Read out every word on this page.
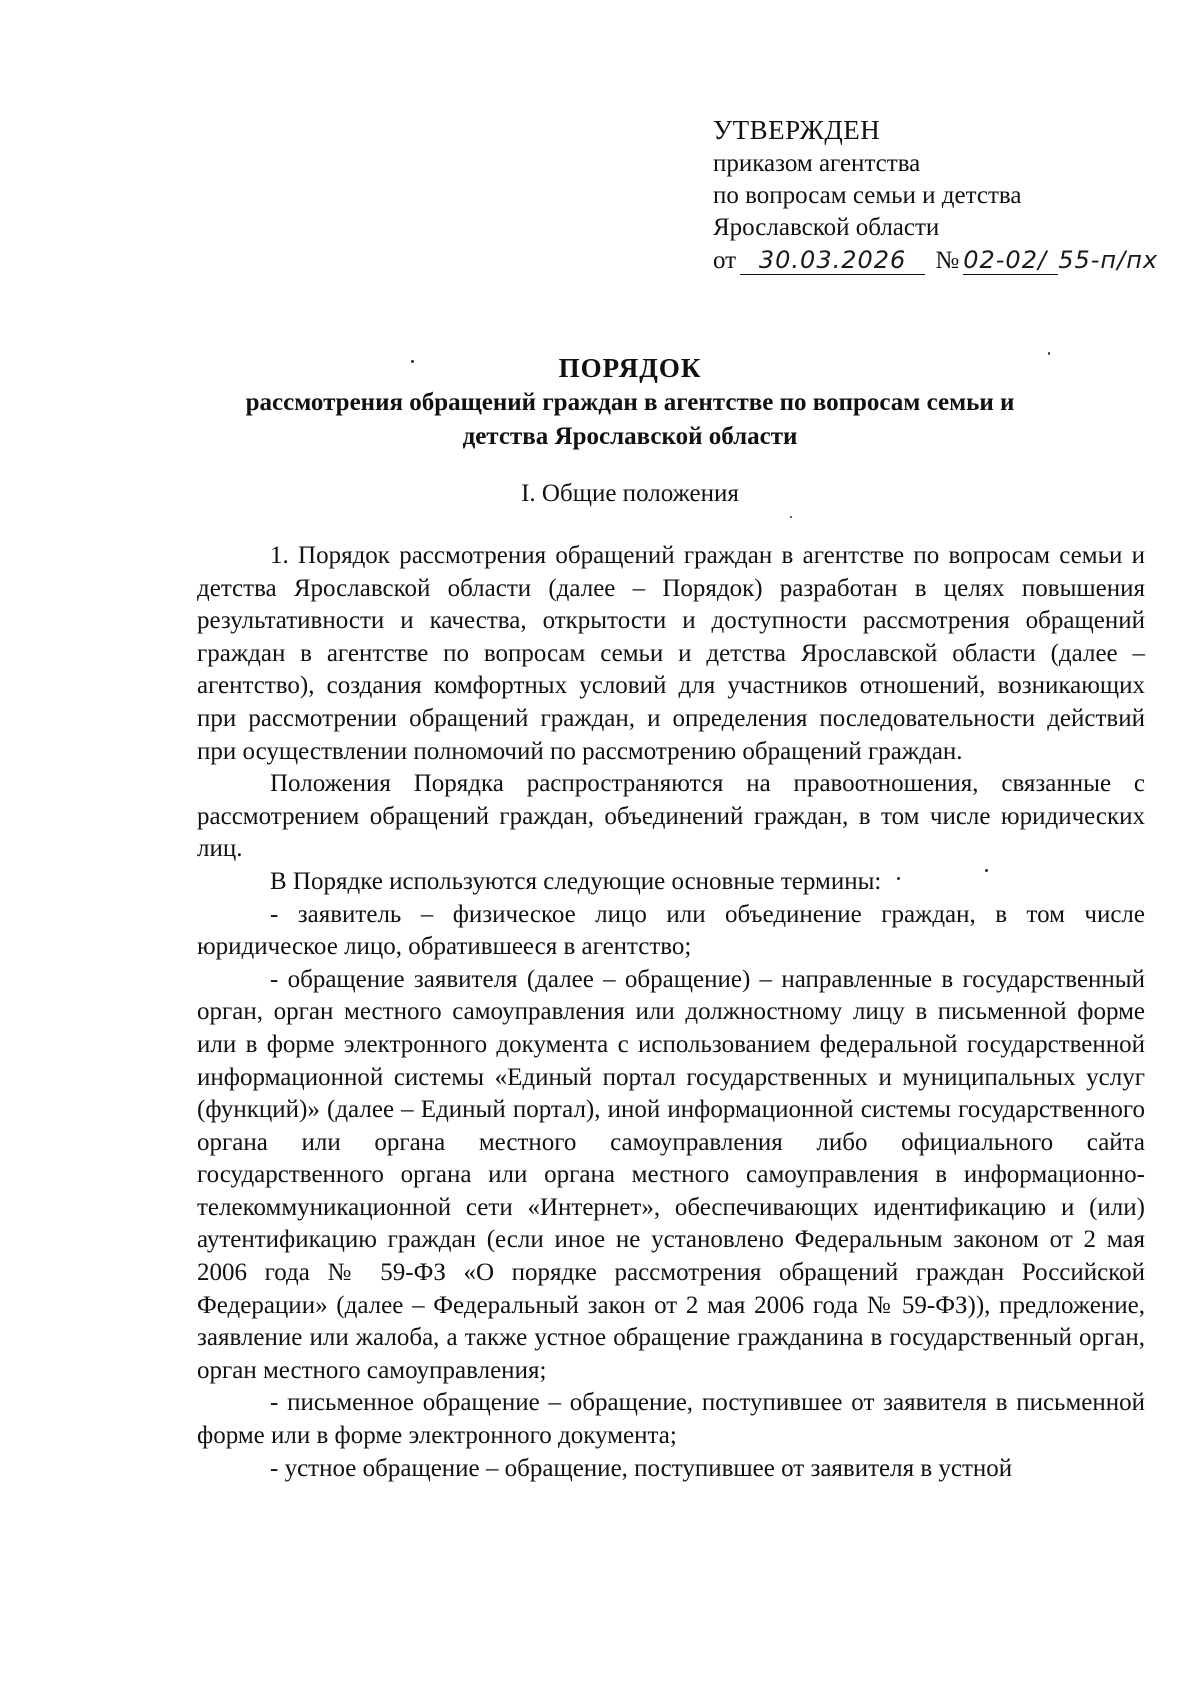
УТВЕРЖДЕН
приказом агентства
по вопросам семьи и детства
Ярославской области
от 30.03.2026 № 02-02/ 55-п/пх
ПОРЯДОК
рассмотрения обращений граждан в агентстве по вопросам семьи и детства Ярославской области
I. Общие положения

1. Порядок рассмотрения обращений граждан в агентстве по вопросам семьи и детства Ярославской области (далее – Порядок) разработан в целях повышения результативности и качества, открытости и доступности рассмотрения обращений граждан в агентстве по вопросам семьи и детства Ярославской области (далее – агентство), создания комфортных условий для участников отношений, возникающих при рассмотрении обращений граждан, и определения последовательности действий при осуществлении полномочий по рассмотрению обращений граждан.

Положения Порядка распространяются на правоотношения, связанные с рассмотрением обращений граждан, объединений граждан, в том числе юридических лиц.

В Порядке используются следующие основные термины:

- заявитель – физическое лицо или объединение граждан, в том числе юридическое лицо, обратившееся в агентство;

- обращение заявителя (далее – обращение) – направленные в государственный орган, орган местного самоуправления или должностному лицу в письменной форме или в форме электронного документа с использованием федеральной государственной информационной системы «Единый портал государственных и муниципальных услуг (функций)» (далее – Единый портал), иной информационной системы государственного органа или органа местного самоуправления либо официального сайта государственного органа или органа местного самоуправления в информационно-телекоммуникационной сети «Интернет», обеспечивающих идентификацию и (или) аутентификацию граждан (если иное не установлено Федеральным законом от 2 мая 2006 года № 59-ФЗ «О порядке рассмотрения обращений граждан Российской Федерации» (далее – Федеральный закон от 2 мая 2006 года № 59-ФЗ)), предложение, заявление или жалоба, а также устное обращение гражданина в государственный орган, орган местного самоуправления;

- письменное обращение – обращение, поступившее от заявителя в письменной форме или в форме электронного документа;

- устное обращение – обращение, поступившее от заявителя в устной
